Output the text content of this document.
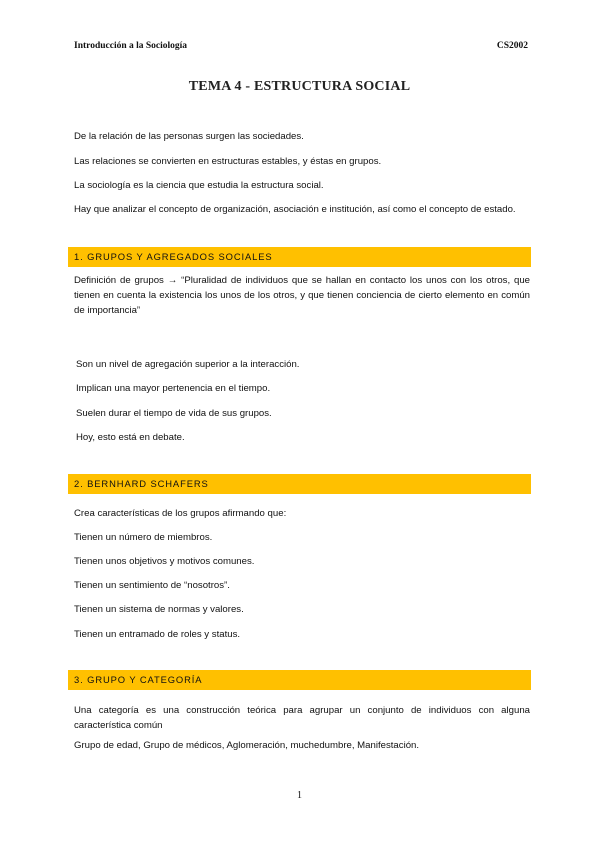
Introducción a la Sociología	CS2002
TEMA 4 - ESTRUCTURA SOCIAL
De la relación de las personas surgen las sociedades.
Las relaciones se convierten en estructuras estables, y éstas en grupos.
La sociología es la ciencia que estudia la estructura social.
Hay que analizar el concepto de organización, asociación e institución, así como el concepto de estado.
1. GRUPOS Y AGREGADOS SOCIALES
Definición de grupos → “Pluralidad de individuos que se hallan en contacto los unos con los otros, que tienen en cuenta la existencia los unos de los otros, y que tienen conciencia de cierto elemento en común de importancia”
Son un nivel de agregación superior a la interacción.
Implican una mayor pertenencia en el tiempo.
Suelen durar el tiempo de vida de sus grupos.
Hoy, esto está en debate.
2. BERNHARD SCHAFERS
Crea características de los grupos afirmando que:
Tienen un número de miembros.
Tienen unos objetivos y motivos comunes.
Tienen un sentimiento de “nosotros”.
Tienen un sistema de normas y valores.
Tienen un entramado de roles y status.
3. GRUPO Y CATEGORÍA
Una categoría es una construcción teórica para agrupar un conjunto de individuos con alguna característica común
Grupo de edad, Grupo de médicos, Aglomeración, muchedumbre, Manifestación.
1
